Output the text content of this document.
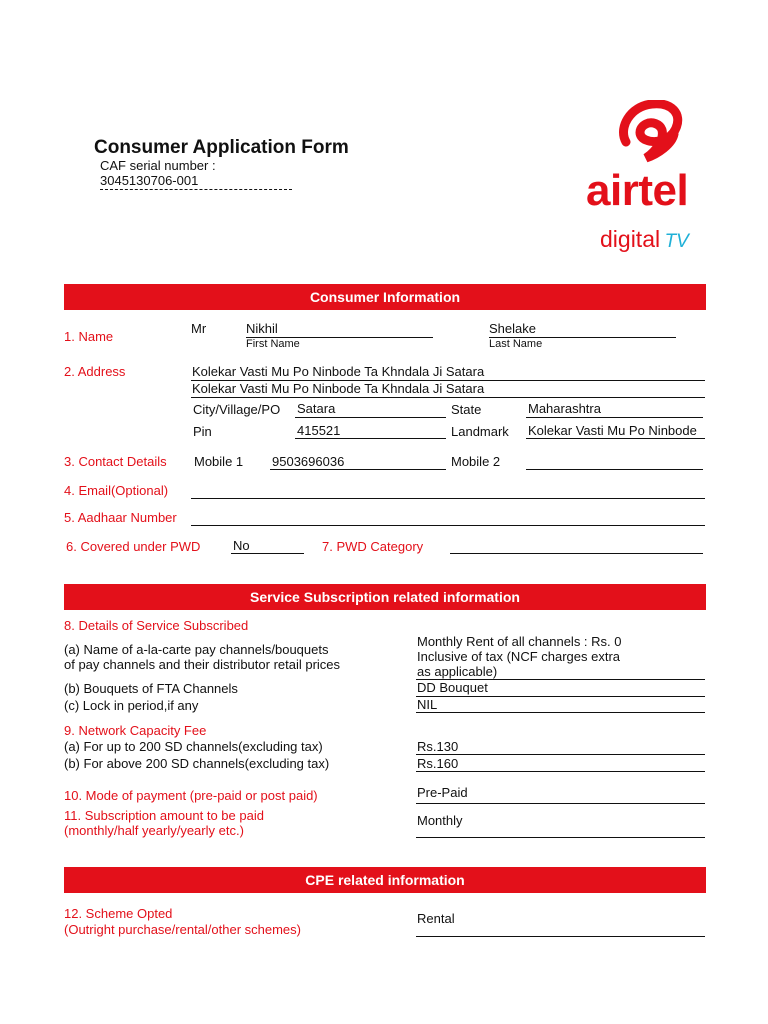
Consumer Application Form
CAF serial number :
3045130706-001	airtel
digital TV
Consumer Information
1. Name
Mr	Nikhil
First Name
Shelake
Last Name
2. Address	Kolekar Vasti Mu Po Ninbode Ta Khndala Ji Satara
Kolekar Vasti Mu Po Ninbode Ta Khndala Ji Satara
City/Village/PO Satara	State	Maharashtra
Pin	415521	Landmark Kolekar Vasti Mu Po Ninbode
3. Contact Details Mobile 1 9503696036	Mobile 2
4. Email(Optional)
5. Aadhaar Number
6. Covered under PWD	No	7. PWD Category
Service Subscription related information
8. Details of Service Subscribed
(a) Name of a-la-carte pay channels/bouquets
of pay channels and their distributor retail prices
Monthly Rent of all channels : Rs. 0
Inclusive of tax (NCF charges extra
as applicable)
(b) Bouquets of FTA Channels	DD Bouquet
(c) Lock in period,if any	NIL
9. Network Capacity Fee
(a) For up to 200 SD channels(excluding tax)	Rs.130
(b) For above 200 SD channels(excluding tax)	Rs.160
10. Mode of payment (pre-paid or post paid)	Pre-Paid
11. Subscription amount to be paid
(monthly/half yearly/yearly etc.)
Monthly
CPE related information
12. Scheme Opted
(Outright purchase/rental/other schemes)
Rental
